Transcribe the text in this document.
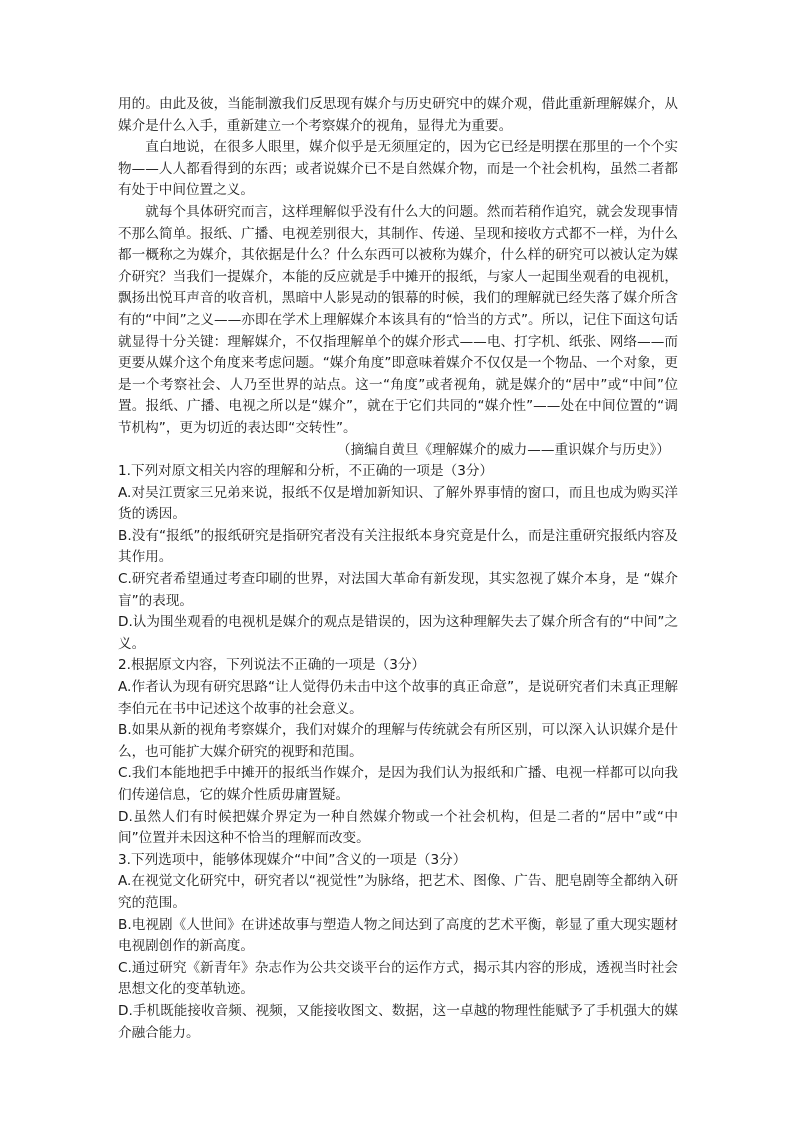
用的。由此及彼，当能制激我们反思现有媒介与历史研究中的媒介观，借此重新理解媒介，从媒介是什么入手，重新建立一个考察媒介的视角，显得尤为重要。

直白地说，在很多人眼里，媒介似乎是无须厘定的，因为它已经是明摆在那里的一个个实物——人人都看得到的东西；或者说媒介已不是自然媒介物，而是一个社会机构，虽然二者都有处于中间位置之义。

就每个具体研究而言，这样理解似乎没有什么大的问题。然而若稍作追究，就会发现事情不那么简单。报纸、广播、电视差别很大，其制作、传递、呈现和接收方式都不一样，为什么都一概称之为媒介，其依据是什么？什么东西可以被称为媒介，什么样的研究可以被认定为媒介研究？当我们一提媒介，本能的反应就是手中摊开的报纸，与家人一起围坐观看的电视机，飘扬出悦耳声音的收音机，黑暗中人影晃动的银幕的时候，我们的理解就已经失落了媒介所含有的“中间”之义——亦即在学术上理解媒介本该具有的“恰当的方式”。所以，记住下面这句话就显得十分关键：理解媒介，不仅指理解单个的媒介形式——电、打字机、纸张、网络——而更要从媒介这个角度来考虑问题。“媒介角度”即意味着媒介不仅仅是一个物品、一个对象，更是一个考察社会、人乃至世界的站点。这一“角度”或者视角，就是媒介的“居中”或“中间”位置。报纸、广播、电视之所以是“媒介”，就在于它们共同的“媒介性”——处在中间位置的“调节机构”，更为切近的表达即“交转性”。

（摘编自黄旦《理解媒介的威力——重识媒介与历史》）

1.下列对原文相关内容的理解和分析，不正确的一项是（3分）

A.对吴江贾家三兄弟来说，报纸不仅是增加新知识、了解外界事情的窗口，而且也成为购买洋货的诱因。

B.没有“报纸”的报纸研究是指研究者没有关注报纸本身究竟是什么，而是注重研究报纸内容及其作用。

C.研究者希望通过考查印刷的世界，对法国大革命有新发现，其实忽视了媒介本身，是 “媒介盲”的表现。

D.认为围坐观看的电视机是媒介的观点是错误的，因为这种理解失去了媒介所含有的“中间”之义。

2.根据原文内容，下列说法不正确的一项是（3分）

A.作者认为现有研究思路“让人觉得仍未击中这个故事的真正命意”，是说研究者们未真正理解李伯元在书中记述这个故事的社会意义。

B.如果从新的视角考察媒介，我们对媒介的理解与传统就会有所区别，可以深入认识媒介是什么，也可能扩大媒介研究的视野和范围。

C.我们本能地把手中摊开的报纸当作媒介，是因为我们认为报纸和广播、电视一样都可以向我们传递信息，它的媒介性质毋庸置疑。

D.虽然人们有时候把媒介界定为一种自然媒介物或一个社会机构，但是二者的“居中”或“中间”位置并未因这种不恰当的理解而改变。

3.下列选项中，能够体现媒介“中间”含义的一项是（3分）

A.在视觉文化研究中，研究者以“视觉性”为脉络，把艺术、图像、广告、肥皂剧等全都纳入研究的范围。

B.电视剧《人世间》在讲述故事与塑造人物之间达到了高度的艺术平衡，彰显了重大现实题材电视剧创作的新高度。

C.通过研究《新青年》杂志作为公共交谈平台的运作方式，揭示其内容的形成，透视当时社会思想文化的变革轨迹。

D.手机既能接收音频、视频，又能接收图文、数据，这一卓越的物理性能赋予了手机强大的媒介融合能力。
